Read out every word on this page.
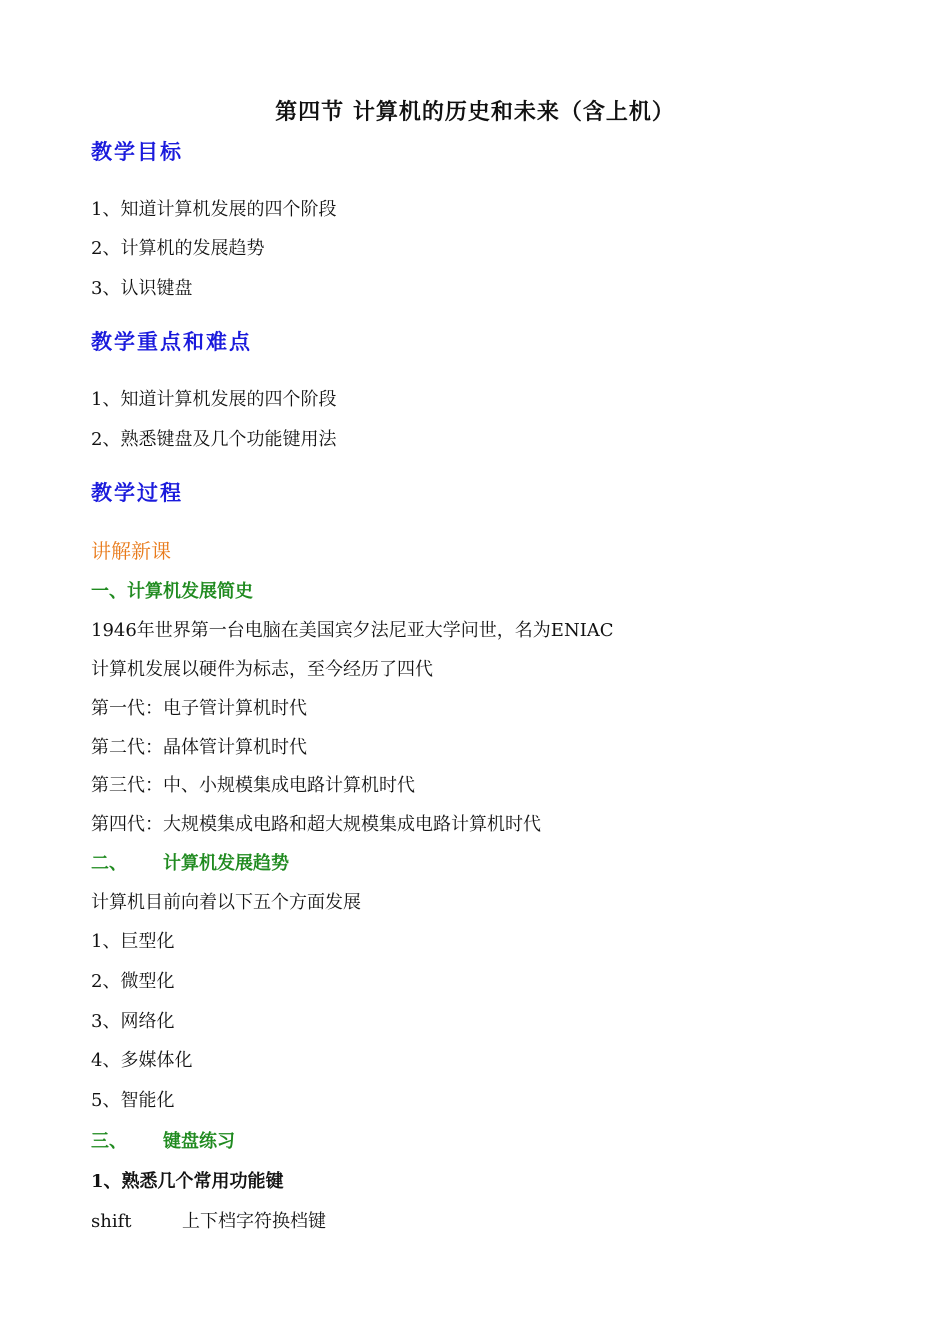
第四节 计算机的历史和未来（含上机）
教学目标
1、知道计算机发展的四个阶段
2、计算机的发展趋势
3、认识键盘
教学重点和难点
1、知道计算机发展的四个阶段
2、熟悉键盘及几个功能键用法
教学过程
讲解新课
一、计算机发展简史
1946年世界第一台电脑在美国宾夕法尼亚大学问世，名为ENIAC
计算机发展以硬件为标志，至今经历了四代
第一代：电子管计算机时代
第二代：晶体管计算机时代
第三代：中、小规模集成电路计算机时代
第四代：大规模集成电路和超大规模集成电路计算机时代
二、 计算机发展趋势
计算机目前向着以下五个方面发展
1、巨型化
2、微型化
3、网络化
4、多媒体化
5、智能化
三、 键盘练习
1、熟悉几个常用功能键
shift	上下档字符换档键
